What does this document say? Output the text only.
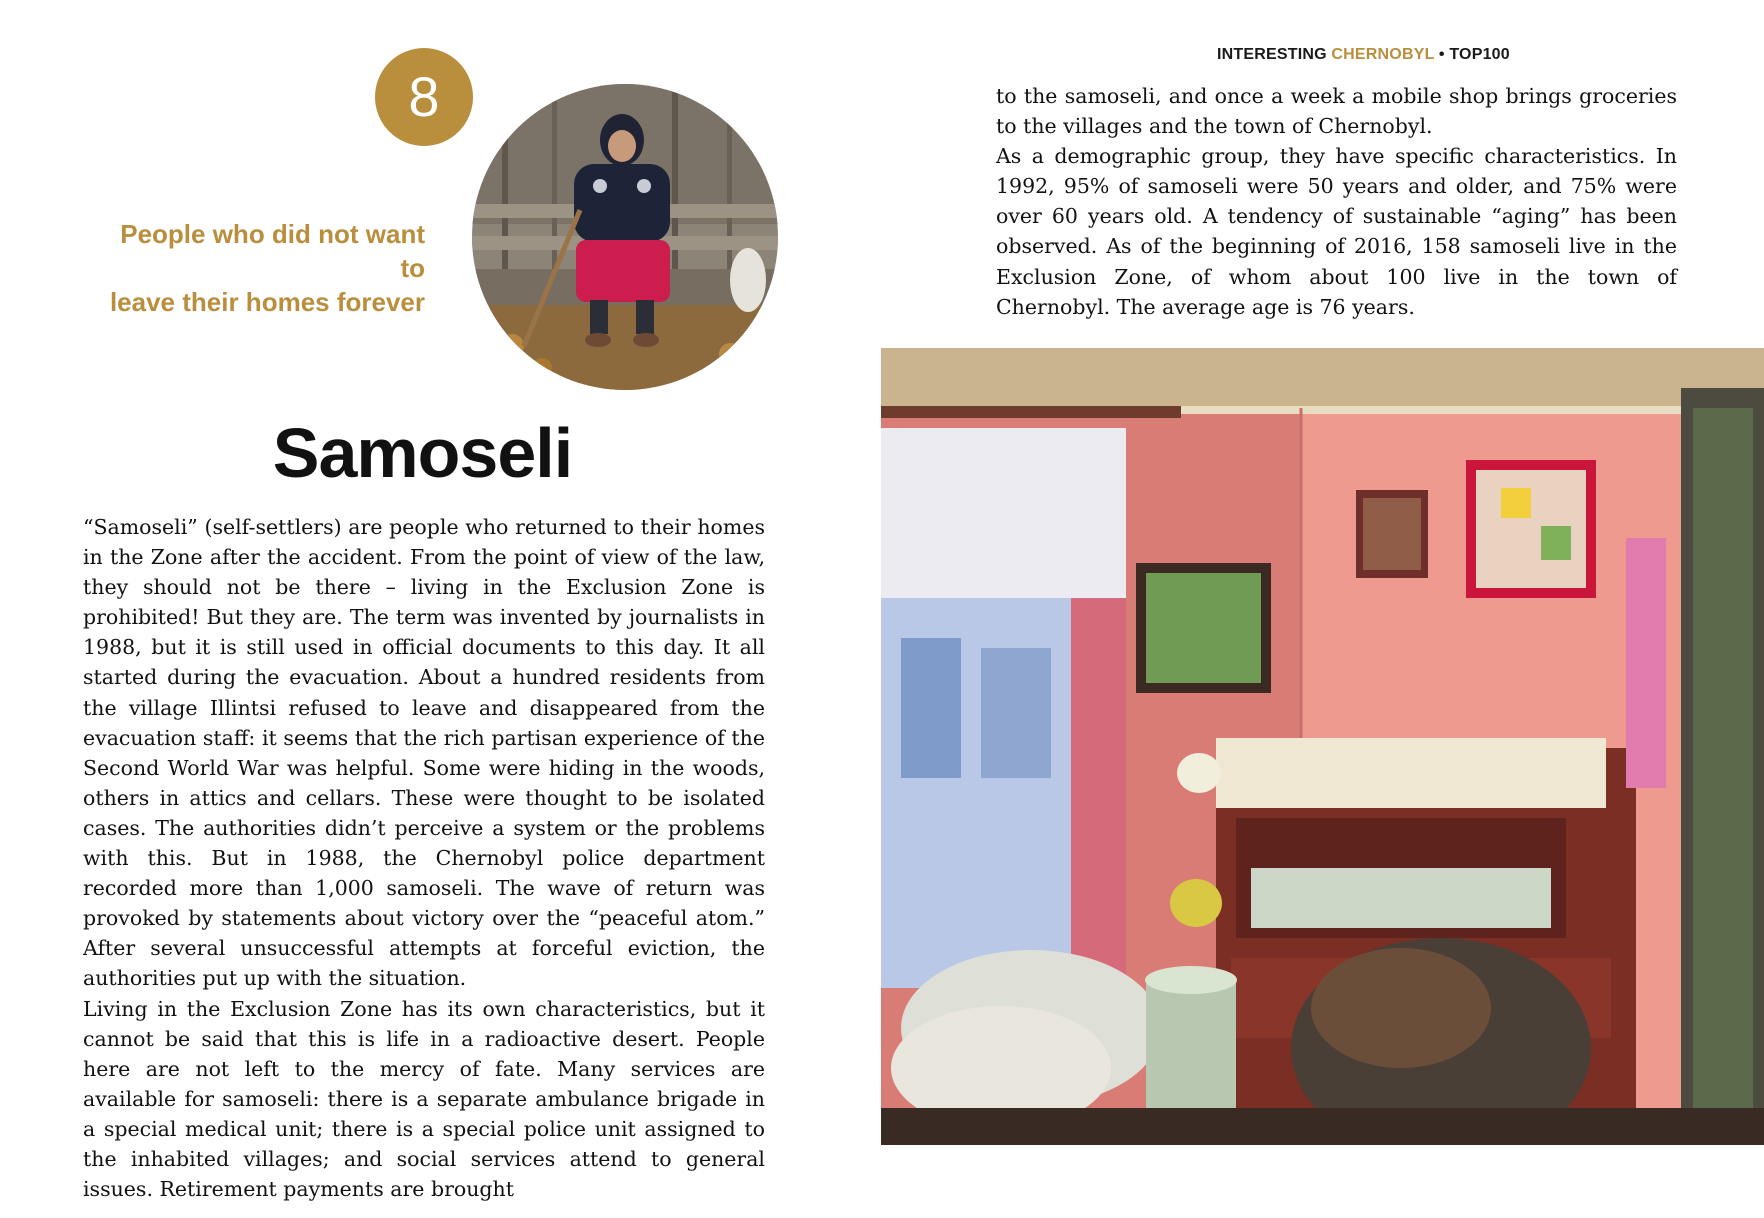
INTERESTING CHERNOBYL • TOP100
8
People who did not want to
leave their homes forever
Samoseli

“Samoseli” (self-settlers) are people who returned to their homes in the Zone after the accident. From the point of view of the law, they should not be there – living in the Exclusion Zone is prohibited! But they are. The term was invented by journalists in 1988, but it is still used in official documents to this day. It all started during the evacuation. About a hundred residents from the village Illintsi refused to leave and disappeared from the evacuation staff: it seems that the rich partisan experience of the Second World War was helpful. Some were hiding in the woods, others in attics and cellars. These were thought to be isolated cases. The authorities didn’t perceive a system or the problems with this. But in 1988, the Chernobyl police department recorded more than 1,000 samoseli. The wave of return was provoked by statements about victory over the “peaceful atom.” After several unsuccessful attempts at forceful eviction, the authorities put up with the situation.

Living in the Exclusion Zone has its own characteristics, but it cannot be said that this is life in a radioactive desert. People here are not left to the mercy of fate. Many services are available for samoseli: there is a separate ambulance brigade in a special medical unit; there is a special police unit assigned to the inhabited villages; and social services attend to general issues. Retirement payments are brought

to the samoseli, and once a week a mobile shop brings groceries to the villages and the town of Chernobyl.

As a demographic group, they have specific characteristics. In 1992, 95% of samoseli were 50 years and older, and 75% were over 60 years old. A tendency of sustainable “aging” has been observed. As of the beginning of 2016, 158 samoseli live in the Exclusion Zone, of whom about 100 live in the town of Chernobyl. The average age is 76 years.
